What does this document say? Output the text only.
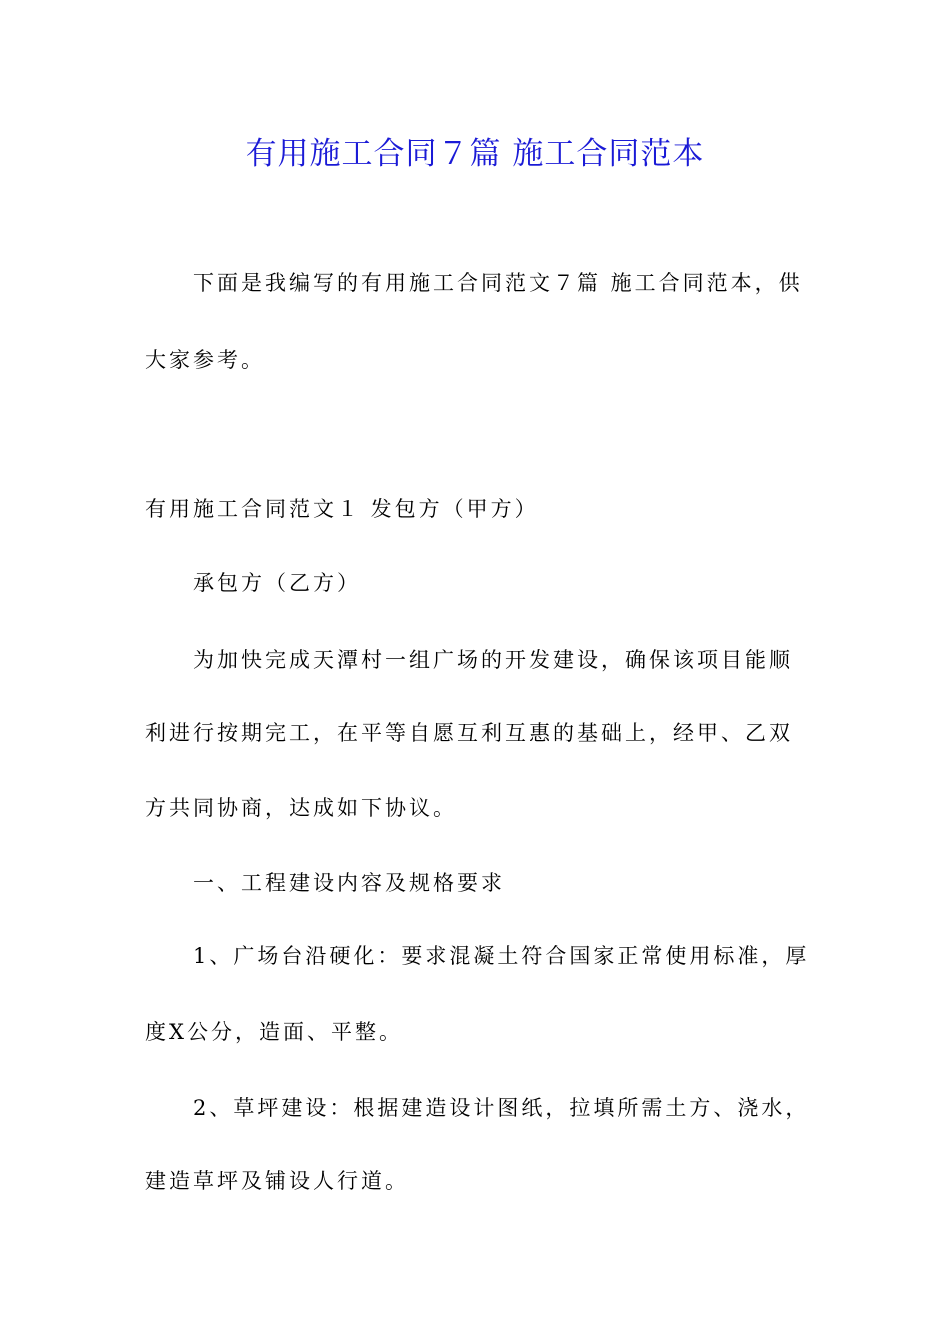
有用施工合同７篇 施工合同范本
下面是我编写的有用施工合同范文７篇 施工合同范本，供
大家参考。
有用施工合同范文１ 发包方（甲方）
承包方（乙方）
为加快完成天潭村一组广场的开发建设，确保该项目能顺
利进行按期完工，在平等自愿互利互惠的基础上，经甲、乙双
方共同协商，达成如下协议。
一、工程建设内容及规格要求
1、广场台沿硬化：要求混凝土符合国家正常使用标准，厚
度X公分，造面、平整。
2、草坪建设：根据建造设计图纸，拉填所需土方、浇水，
建造草坪及铺设人行道。
